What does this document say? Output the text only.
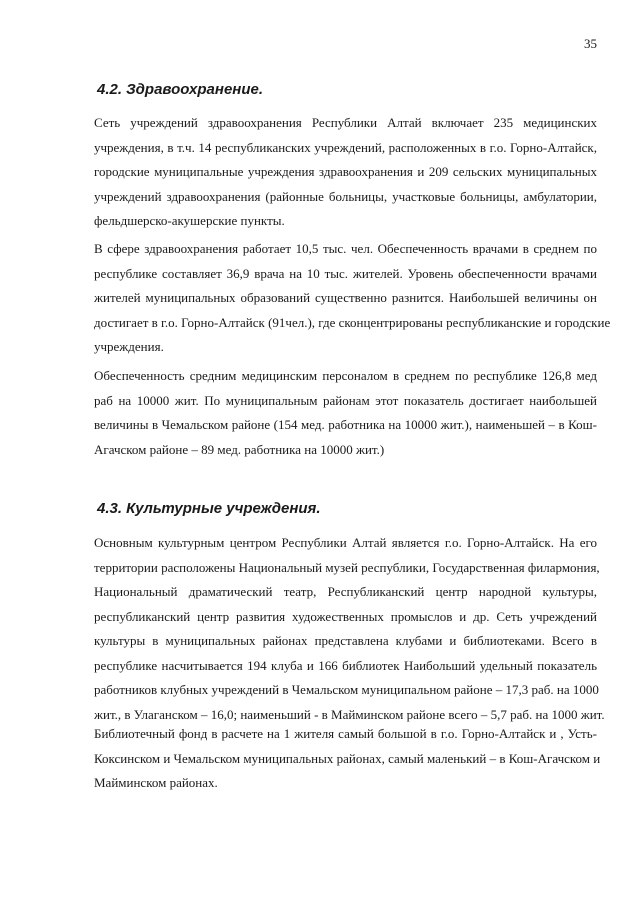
35
4.2. Здравоохранение.
Сеть учреждений здравоохранения Республики Алтай включает 235 медицинских
учреждения, в т.ч. 14 республиканских учреждений, расположенных в г.о. Горно-Алтайск,
городские муниципальные учреждения здравоохранения и 209 сельских муниципальных
учреждений здравоохранения (районные больницы, участковые больницы, амбулатории,
фельдшерско-акушерские пункты.
В сфере здравоохранения работает 10,5 тыс. чел. Обеспеченность врачами в среднем по
республике составляет 36,9 врача на 10 тыс. жителей. Уровень обеспеченности врачами
жителей муниципальных образований существенно разнится. Наибольшей величины он
достигает в г.о. Горно-Алтайск (91чел.), где сконцентрированы республиканские и городские
учреждения.
Обеспеченность средним медицинским персоналом в среднем по республике 126,8 мед
раб на 10000 жит. По муниципальным районам этот показатель достигает наибольшей
величины в Чемальском районе (154 мед. работника на 10000 жит.), наименьшей – в Кош-
Агачском районе – 89 мед. работника на 10000 жит.)
4.3. Культурные учреждения.
Основным культурным центром Республики Алтай является г.о. Горно-Алтайск. На его
территории расположены Национальный музей республики, Государственная филармония,
Национальный драматический театр, Республиканский центр народной культуры,
республиканский центр развития художественных промыслов и др. Сеть учреждений
культуры в муниципальных районах представлена клубами и библиотеками. Всего в
республике насчитывается 194 клуба и 166 библиотек Наибольший удельный показатель
работников клубных учреждений в Чемальском муниципальном районе – 17,3 раб. на 1000
жит., в Улаганском – 16,0; наименьший - в Майминском районе всего – 5,7 раб. на 1000 жит.
Библиотечный фонд в расчете на 1 жителя самый большой в г.о. Горно-Алтайск и , Усть-
Коксинском и Чемальском муниципальных районах, самый маленький – в Кош-Агачском и
Майминском районах.
